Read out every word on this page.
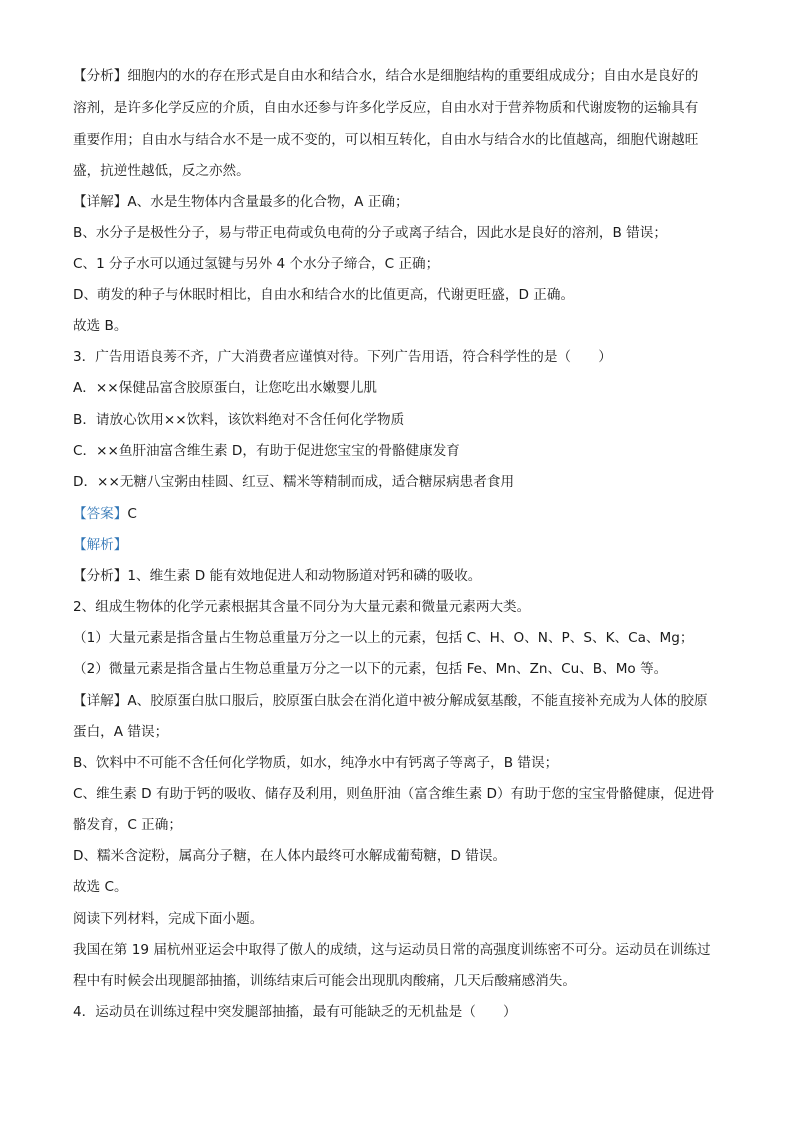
【分析】细胞内的水的存在形式是自由水和结合水，结合水是细胞结构的重要组成成分；自由水是良好的
溶剂，是许多化学反应的介质，自由水还参与许多化学反应，自由水对于营养物质和代谢废物的运输具有
重要作用；自由水与结合水不是一成不变的，可以相互转化，自由水与结合水的比值越高，细胞代谢越旺
盛，抗逆性越低，反之亦然。
【详解】A、水是生物体内含量最多的化合物，A 正确；
B、水分子是极性分子，易与带正电荷或负电荷的分子或离子结合，因此水是良好的溶剂，B 错误；
C、1 分子水可以通过氢键与另外 4 个水分子缔合，C 正确；
D、萌发的种子与休眠时相比，自由水和结合水的比值更高，代谢更旺盛，D 正确。
故选 B。
3．广告用语良莠不齐，广大消费者应谨慎对待。下列广告用语，符合科学性的是（　　）
A．××保健品富含胶原蛋白，让您吃出水嫩婴儿肌
B．请放心饮用××饮料，该饮料绝对不含任何化学物质
C．××鱼肝油富含维生素 D，有助于促进您宝宝的骨骼健康发育
D．××无糖八宝粥由桂圆、红豆、糯米等精制而成，适合糖尿病患者食用
【答案】C
【解析】
【分析】1、维生素 D 能有效地促进人和动物肠道对钙和磷的吸收。
2、组成生物体的化学元素根据其含量不同分为大量元素和微量元素两大类。
（1）大量元素是指含量占生物总重量万分之一以上的元素，包括 C、H、O、N、P、S、K、Ca、Mg；
（2）微量元素是指含量占生物总重量万分之一以下的元素，包括 Fe、Mn、Zn、Cu、B、Mo 等。
【详解】A、胶原蛋白肽口服后，胶原蛋白肽会在消化道中被分解成氨基酸，不能直接补充成为人体的胶原
蛋白，A 错误；
B、饮料中不可能不含任何化学物质，如水，纯净水中有钙离子等离子，B 错误；
C、维生素 D 有助于钙的吸收、储存及利用，则鱼肝油（富含维生素 D）有助于您的宝宝骨骼健康，促进骨
骼发育，C 正确；
D、糯米含淀粉，属高分子糖，在人体内最终可水解成葡萄糖，D 错误。
故选 C。
阅读下列材料，完成下面小题。
我国在第 19 届杭州亚运会中取得了傲人的成绩，这与运动员日常的高强度训练密不可分。运动员在训练过
程中有时候会出现腿部抽搐，训练结束后可能会出现肌肉酸痛，几天后酸痛感消失。
4．运动员在训练过程中突发腿部抽搐，最有可能缺乏的无机盐是（　　）
